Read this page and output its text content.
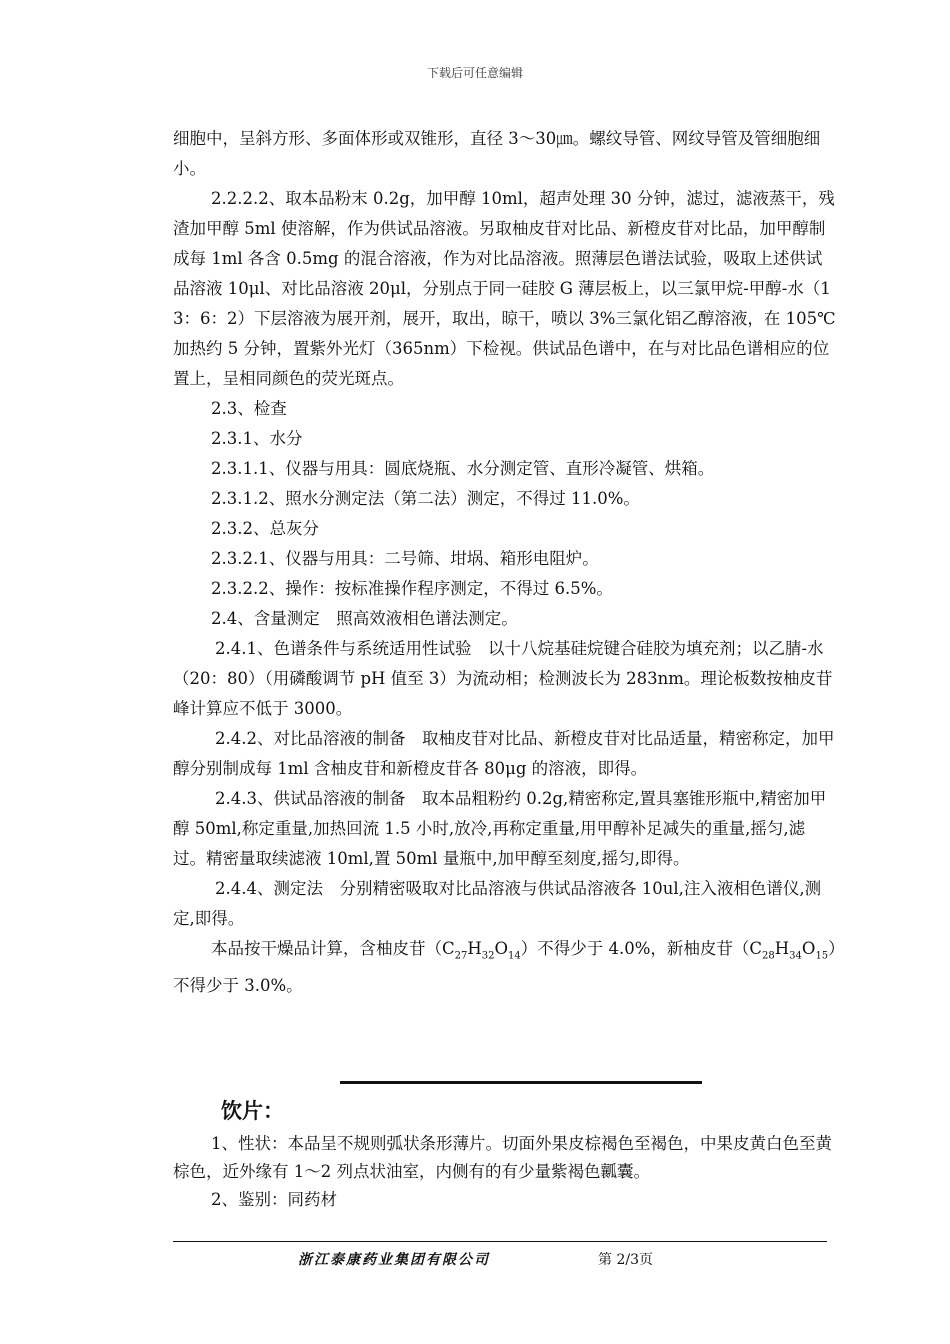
下载后可任意编辑

细胞中，呈斜方形、多面体形或双锥形，直径 3～30㎛。螺纹导管、网纹导管及管细胞细小。

2.2.2.2、取本品粉末 0.2g，加甲醇 10ml，超声处理 30 分钟，滤过，滤液蒸干，残渣加甲醇 5ml 使溶解，作为供试品溶液。另取柚皮苷对比品、新橙皮苷对比品，加甲醇制成每 1ml 各含 0.5mg 的混合溶液，作为对比品溶液。照薄层色谱法试验，吸取上述供试品溶液 10μl、对比品溶液 20μl，分别点于同一硅胶 G 薄层板上，以三氯甲烷-甲醇-水（13：6：2）下层溶液为展开剂，展开，取出，晾干，喷以 3%三氯化铝乙醇溶液，在 105℃加热约 5 分钟，置紫外光灯（365nm）下检视。供试品色谱中，在与对比品色谱相应的位置上，呈相同颜色的荧光斑点。

2.3、检查

2.3.1、水分

2.3.1.1、仪器与用具：圆底烧瓶、水分测定管、直形冷凝管、烘箱。

2.3.1.2、照水分测定法（第二法）测定，不得过 11.0%。

2.3.2、总灰分

2.3.2.1、仪器与用具：二号筛、坩埚、箱形电阻炉。

2.3.2.2、操作：按标准操作程序测定，不得过 6.5%。

2.4、含量测定　照高效液相色谱法测定。

2.4.1、色谱条件与系统适用性试验　以十八烷基硅烷键合硅胶为填充剂；以乙腈-水（20：80）（用磷酸调节 pH 值至 3）为流动相；检测波长为 283nm。理论板数按柚皮苷峰计算应不低于 3000。

2.4.2、对比品溶液的制备　取柚皮苷对比品、新橙皮苷对比品适量，精密称定，加甲醇分别制成每 1ml 含柚皮苷和新橙皮苷各 80μg 的溶液，即得。

2.4.3、供试品溶液的制备　取本品粗粉约 0.2g,精密称定,置具塞锥形瓶中,精密加甲醇 50ml,称定重量,加热回流 1.5 小时,放冷,再称定重量,用甲醇补足减失的重量,摇匀,滤过。精密量取续滤液 10ml,置 50ml 量瓶中,加甲醇至刻度,摇匀,即得。

2.4.4、测定法　分别精密吸取对比品溶液与供试品溶液各 10ul,注入液相色谱仪,测定,即得。

本品按干燥品计算，含柚皮苷$(C_{27}H_{32}O_{14})$不得少于 4.0%，新柚皮苷$(C_{28}H_{34}O_{15})$不得少于 3.0%。

饮片：

1、性状：本品呈不规则弧状条形薄片。切面外果皮棕褐色至褐色，中果皮黄白色至黄棕色，近外缘有 1～2 列点状油室，内侧有的有少量紫褐色瓤囊。

2、鉴别：同药材

浙江泰康药业集团有限公司	第 2/3页
